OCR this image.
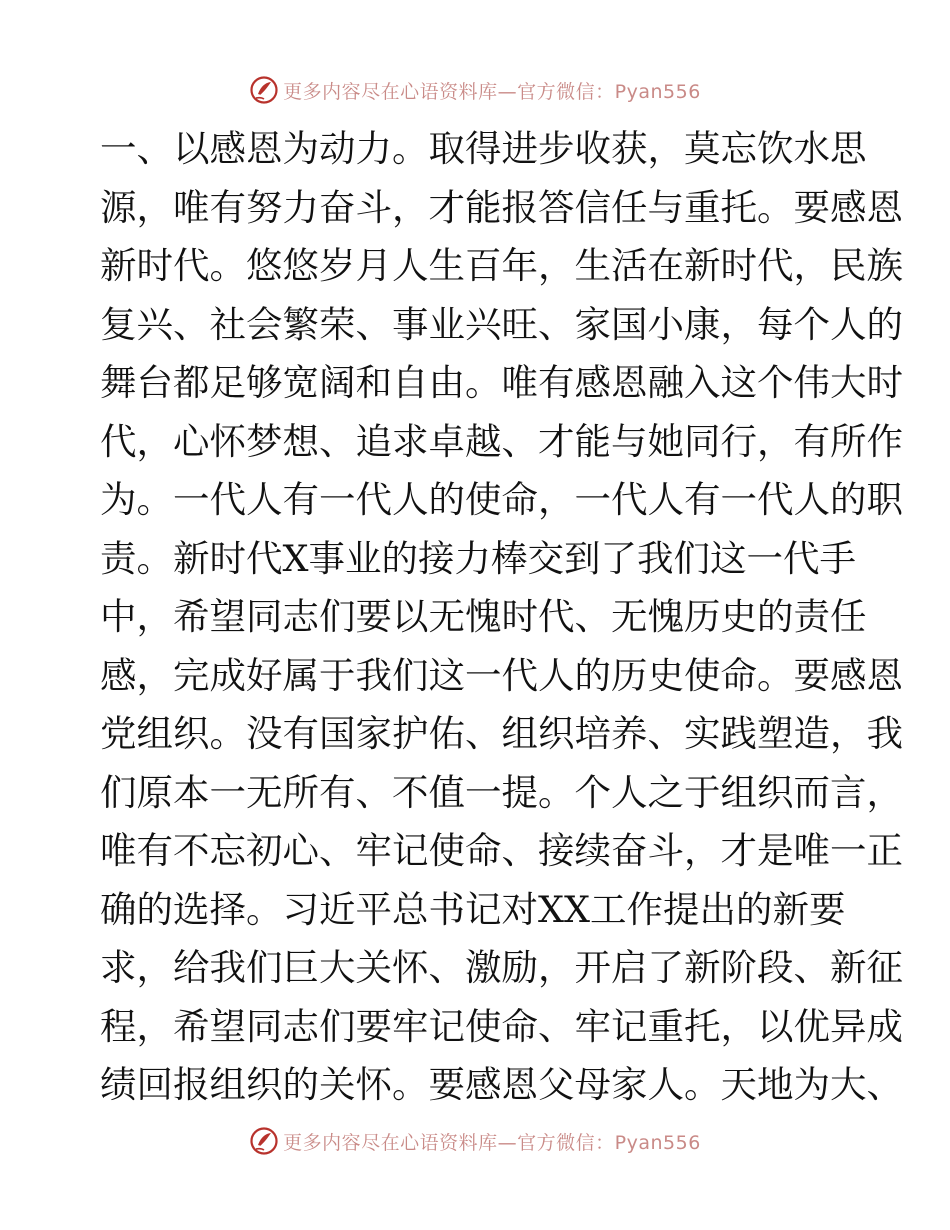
更多内容尽在心语资料库—官方微信：Pyan556
一、以感恩为动力。取得进步收获，莫忘饮水思
源，唯有努力奋斗，才能报答信任与重托。要感恩
新时代。悠悠岁月人生百年，生活在新时代，民族
复兴、社会繁荣、事业兴旺、家国小康，每个人的
舞台都足够宽阔和自由。唯有感恩融入这个伟大时
代，心怀梦想、追求卓越、才能与她同行，有所作
为。一代人有一代人的使命，一代人有一代人的职
责。新时代X事业的接力棒交到了我们这一代手
中，希望同志们要以无愧时代、无愧历史的责任
感，完成好属于我们这一代人的历史使命。要感恩
党组织。没有国家护佑、组织培养、实践塑造，我
们原本一无所有、不值一提。个人之于组织而言，
唯有不忘初心、牢记使命、接续奋斗，才是唯一正
确的选择。习近平总书记对XX工作提出的新要
求，给我们巨大关怀、激励，开启了新阶段、新征
程，希望同志们要牢记使命、牢记重托，以优异成
绩回报组织的关怀。要感恩父母家人。天地为大、
更多内容尽在心语资料库—官方微信：Pyan556
